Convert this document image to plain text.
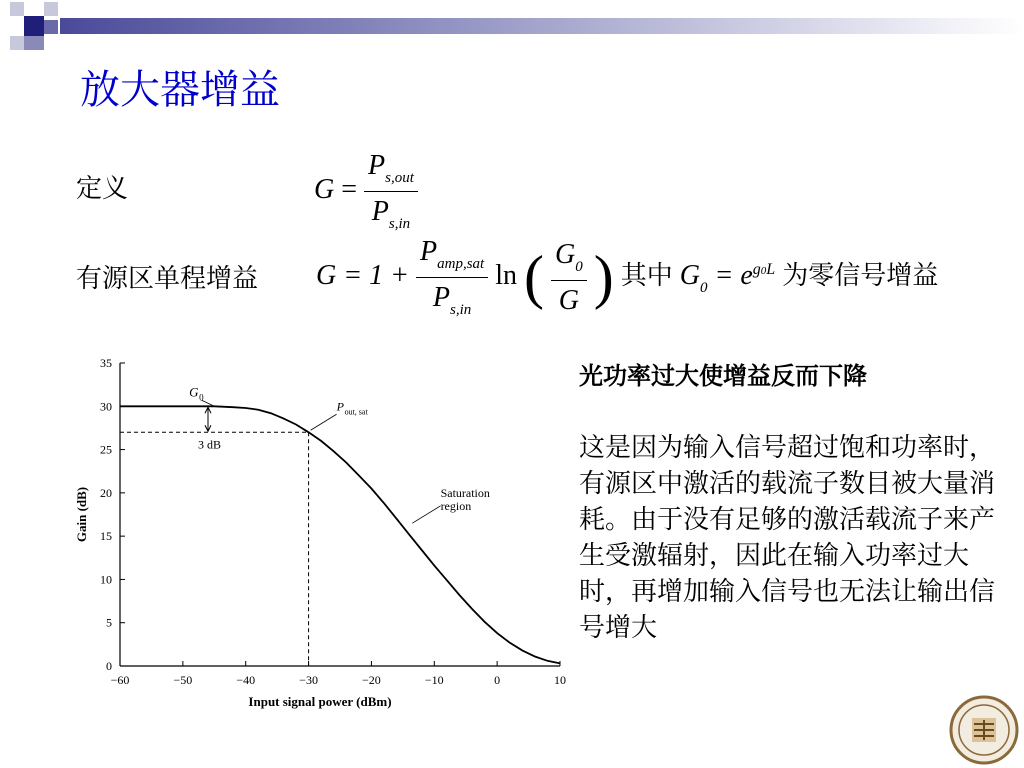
放大器增益
定义	$G = \frac{P_{s,out}}{P_{s,in}}$
有源区单程增益 $G = 1 + \frac{P_{amp,sat}}{P_{s,in}}$ ln ( $\frac{G_0}{G}$ ) 其中 $G_0 = e^{g0L}$ 为零信号增益
0
5
10
15
20
25
30
35
−60	−50	−40	−30	−20	−10	0	10
Input signal power (dBm)
Gain (dB)
3 dB
G 0
P out, sat
Saturation
region
光功率过大使增益反而下降
这是因为输入信号超过饱和功率时，有源区中激活的载流子数目被大量消耗。由于没有足够的激活载流子来产生受激辐射，因此在输入功率过大时，再增加输入信号也无法让输出信号增大
